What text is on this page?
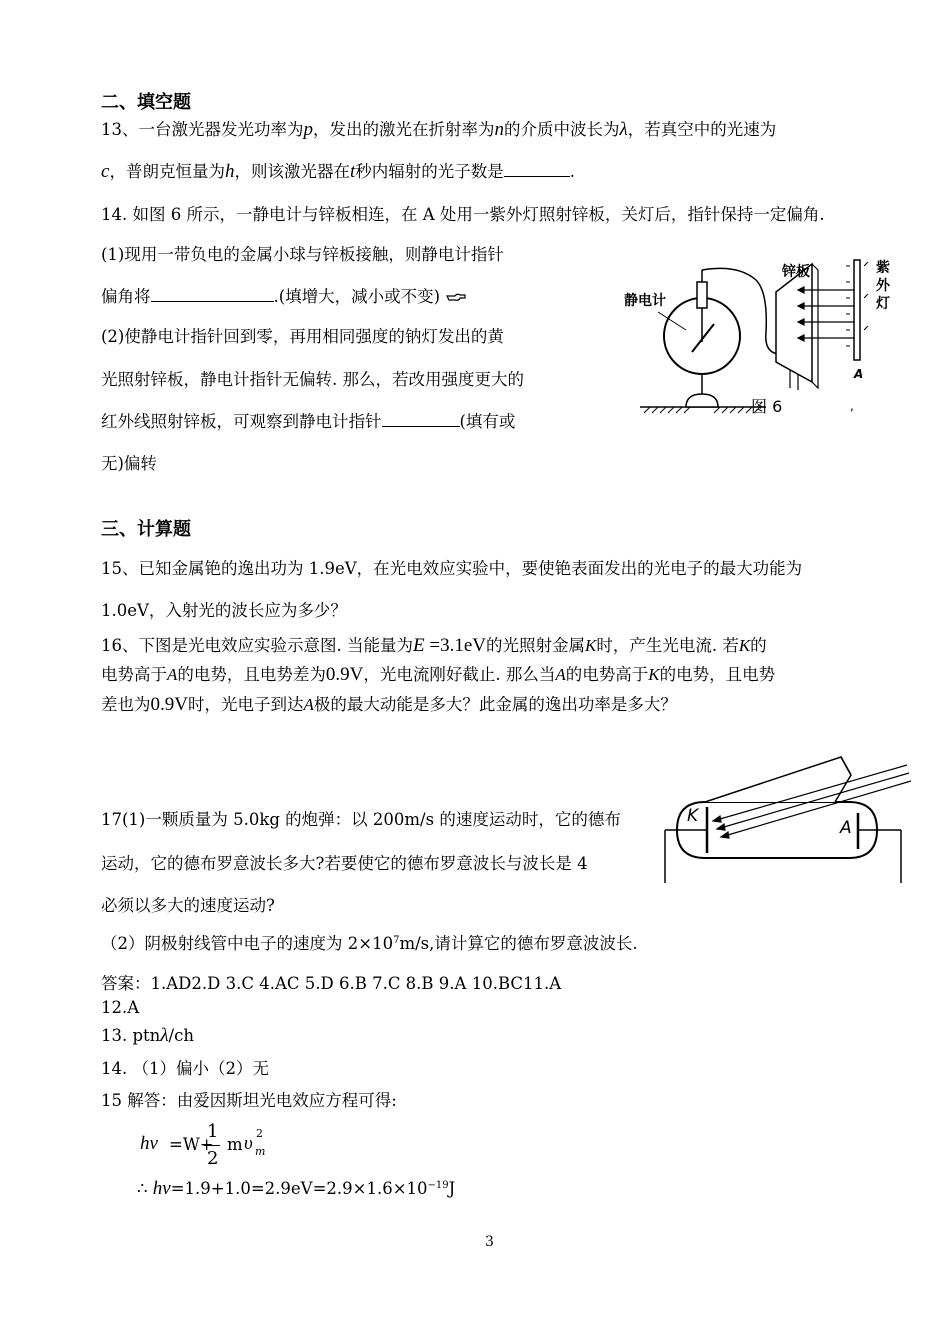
二、填空题
13、一台激光器发光功率为p，发出的激光在折射率为n的介质中波长为λ，若真空中的光速为
c，普朗克恒量为h，则该激光器在t秒内辐射的光子数是	.
14. 如图 6 所示，一静电计与锌板相连，在 A 处用一紫外灯照射锌板，关灯后，指针保持一定偏角.
(1)现用一带负电的金属小球与锌板接触，则静电计指针
偏角将	.(填增大，减小或不变)
(2)使静电计指针回到零，再用相同强度的钠灯发出的黄
光照射锌板，静电计指针无偏转. 那么，若改用强度更大的
红外线照射锌板，可观察到静电计指针	(填有或
无)偏转
静电计
锌板	紫
外
灯
A
图 6	,
三、计算题
15、已知金属铯的逸出功为 1.9eV，在光电效应实验中，要使铯表面发出的光电子的最大功能为
1.0eV，入射光的波长应为多少？
16、下图是光电效应实验示意图. 当能量为E =3.1eV的光照射金属K时，产生光电流. 若K的
电势高于A的电势，且电势差为0.9V，光电流刚好截止. 那么当A的电势高于K的电势，且电势
差也为0.9V时，光电子到达A极的最大动能是多大？此金属的逸出功率是多大？
K
A
17(1)一颗质量为 5.0kg 的炮弹：以 200m/s 的速度运动时，它的德布
运动，它的德布罗意波长多大?若要使它的德布罗意波长与波长是 4
必须以多大的速度运动?
（2）阴极射线管中电子的速度为 $2\times 10^7m/s$,请计算它的德布罗意波波长.
答案：1.AD2.D 3.C 4.AC 5.D 6.B 7.C 8.B 9.A 10.BC11.A
12.A
13. ptnλ/ch
14. （1）偏小（2）无
15 解答：由爱因斯坦光电效应方程可得:
hν =W+
1
2
m υ 2
m
∴ $h\nu=1.9+1.0=2.9eV=2.9\times 1.6\times 10^{-19}J$
3
